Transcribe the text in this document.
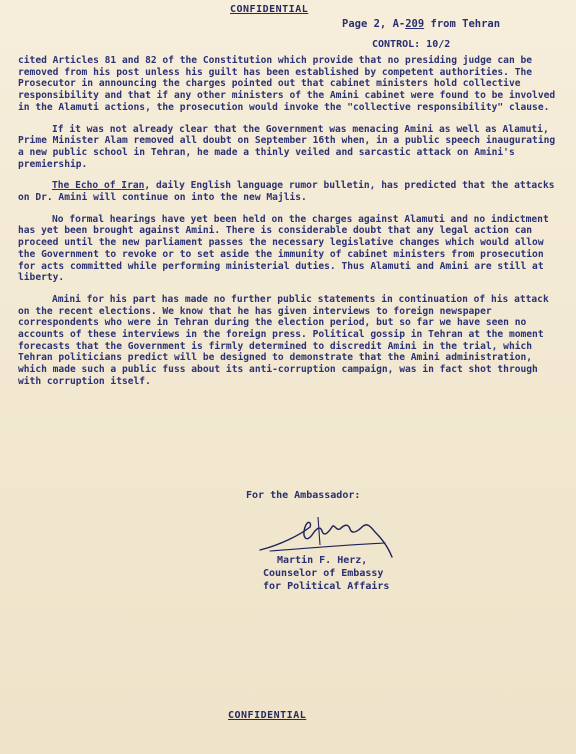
CONFIDENTIAL
Page 2, A-209 from Tehran
CONTROL: 10/2

cited Articles 81 and 82 of the Constitution which provide that no presiding judge can be removed from his post unless his guilt has been established by competent authorities. The Prosecutor in announcing the charges pointed out that cabinet ministers hold collective responsibility and that if any other ministers of the Amini cabinet were found to be involved in the Alamuti actions, the prosecution would invoke the "collective responsibility" clause.

If it was not already clear that the Government was menacing Amini as well as Alamuti, Prime Minister Alam removed all doubt on September 16th when, in a public speech inaugurating a new public school in Tehran, he made a thinly veiled and sarcastic attack on Amini's premiership.

The Echo of Iran, daily English language rumor bulletin, has predicted that the attacks on Dr. Amini will continue on into the new Majlis.

No formal hearings have yet been held on the charges against Alamuti and no indictment has yet been brought against Amini. There is considerable doubt that any legal action can proceed until the new parliament passes the necessary legislative changes which would allow the Government to revoke or to set aside the immunity of cabinet ministers from prosecution for acts committed while performing ministerial duties. Thus Alamuti and Amini are still at liberty.

Amini for his part has made no further public statements in continuation of his attack on the recent elections. We know that he has given interviews to foreign newspaper correspondents who were in Tehran during the election period, but so far we have seen no accounts of these interviews in the foreign press. Political gossip in Tehran at the moment forecasts that the Government is firmly determined to discredit Amini in the trial, which Tehran politicians predict will be designed to demonstrate that the Amini administration, which made such a public fuss about its anti-corruption campaign, was in fact shot through with corruption itself.

For the Ambassador:
Martin F. Herz,
Counselor of Embassy
for Political Affairs
CONFIDENTIAL
